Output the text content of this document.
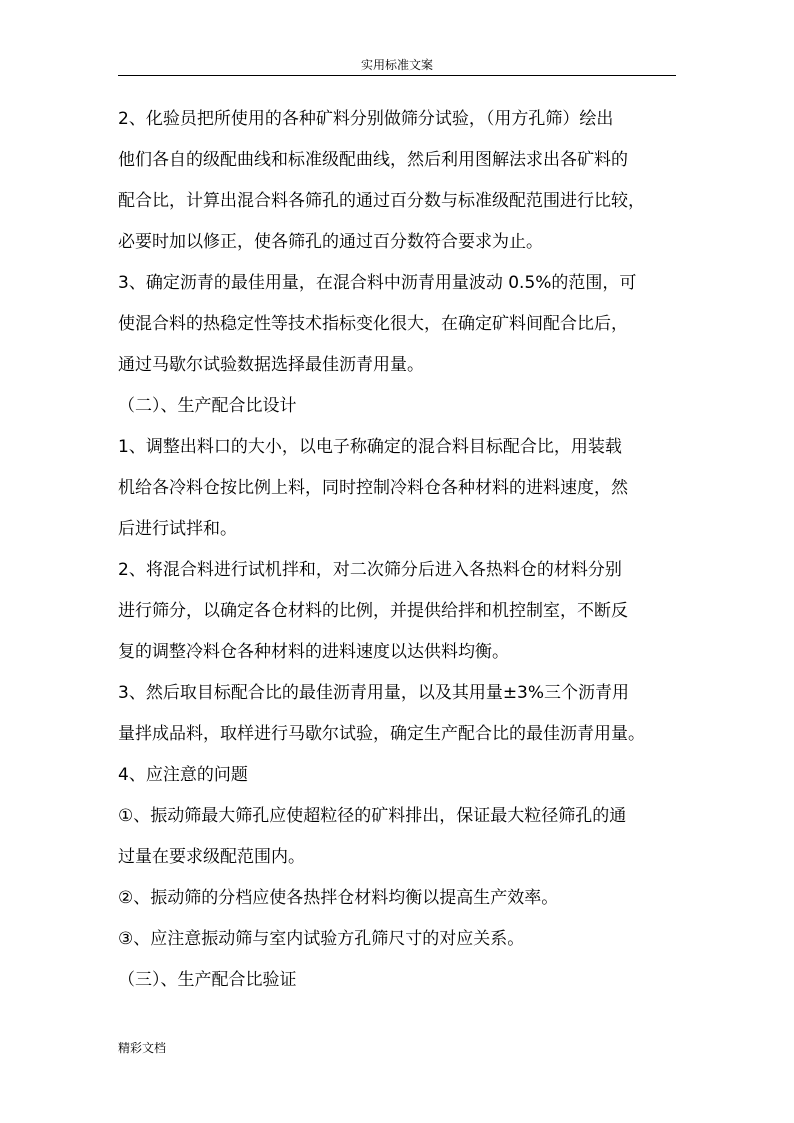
实用标准文案
2、化验员把所使用的各种矿料分别做筛分试验，（用方孔筛）绘出
他们各自的级配曲线和标准级配曲线，然后利用图解法求出各矿料的
配合比，计算出混合料各筛孔的通过百分数与标准级配范围进行比较，
必要时加以修正，使各筛孔的通过百分数符合要求为止。
3、确定沥青的最佳用量，在混合料中沥青用量波动 0.5%的范围，可
使混合料的热稳定性等技术指标变化很大，在确定矿料间配合比后，
通过马歇尔试验数据选择最佳沥青用量。
（二）、生产配合比设计
1、调整出料口的大小，以电子称确定的混合料目标配合比，用装载
机给各冷料仓按比例上料，同时控制冷料仓各种材料的进料速度，然
后进行试拌和。
2、将混合料进行试机拌和，对二次筛分后进入各热料仓的材料分别
进行筛分，以确定各仓材料的比例，并提供给拌和机控制室，不断反
复的调整冷料仓各种材料的进料速度以达供料均衡。
3、然后取目标配合比的最佳沥青用量，以及其用量±3%三个沥青用
量拌成品料，取样进行马歇尔试验，确定生产配合比的最佳沥青用量。
4、应注意的问题
①、振动筛最大筛孔应使超粒径的矿料排出，保证最大粒径筛孔的通
过量在要求级配范围内。
②、振动筛的分档应使各热拌仓材料均衡以提高生产效率。
③、应注意振动筛与室内试验方孔筛尺寸的对应关系。
（三）、生产配合比验证
精彩文档
